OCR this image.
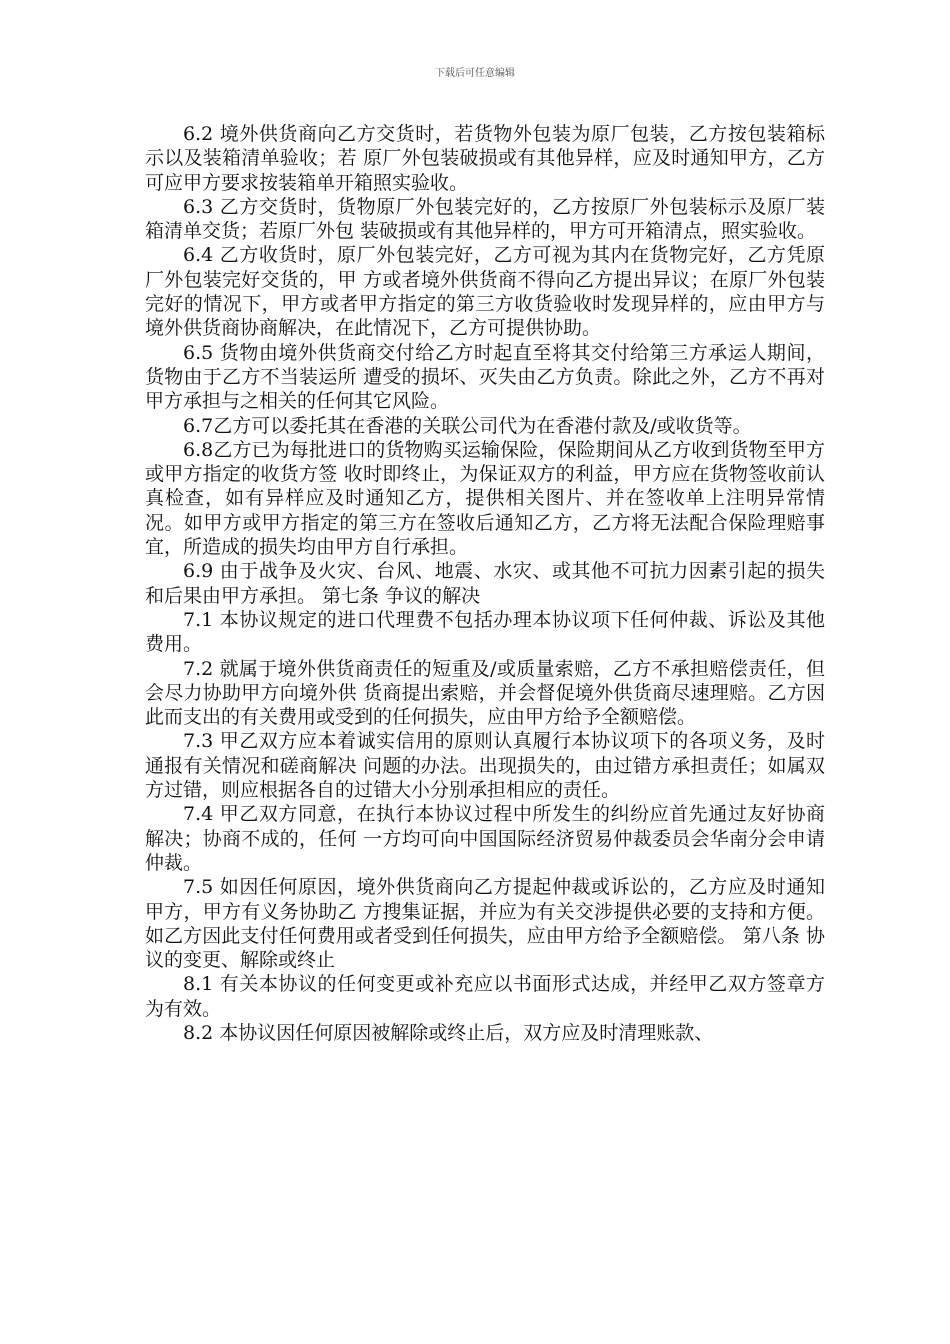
下载后可任意编辑

6.2 境外供货商向乙方交货时，若货物外包装为原厂包装，乙方按包装箱标示以及装箱清单验收；若 原厂外包装破损或有其他异样，应及时通知甲方，乙方可应甲方要求按装箱单开箱照实验收。

6.3 乙方交货时，货物原厂外包装完好的，乙方按原厂外包装标示及原厂装箱清单交货；若原厂外包 装破损或有其他异样的，甲方可开箱清点，照实验收。

6.4 乙方收货时，原厂外包装完好，乙方可视为其内在货物完好，乙方凭原厂外包装完好交货的，甲 方或者境外供货商不得向乙方提出异议；在原厂外包装完好的情况下，甲方或者甲方指定的第三方收货验收时发现异样的，应由甲方与境外供货商协商解决，在此情况下，乙方可提供协助。

6.5 货物由境外供货商交付给乙方时起直至将其交付给第三方承运人期间，货物由于乙方不当装运所 遭受的损坏、灭失由乙方负责。除此之外，乙方不再对甲方承担与之相关的任何其它风险。

6.7乙方可以委托其在香港的关联公司代为在香港付款及/或收货等。

6.8乙方已为每批进口的货物购买运输保险，保险期间从乙方收到货物至甲方或甲方指定的收货方签 收时即终止，为保证双方的利益，甲方应在货物签收前认真检查，如有异样应及时通知乙方，提供相关图片、并在签收单上注明异常情况。如甲方或甲方指定的第三方在签收后通知乙方，乙方将无法配合保险理赔事宜，所造成的损失均由甲方自行承担。

6.9 由于战争及火灾、台风、地震、水灾、或其他不可抗力因素引起的损失和后果由甲方承担。 第七条 争议的解决

7.1 本协议规定的进口代理费不包括办理本协议项下任何仲裁、诉讼及其他费用。

7.2 就属于境外供货商责任的短重及/或质量索赔，乙方不承担赔偿责任，但会尽力协助甲方向境外供 货商提出索赔，并会督促境外供货商尽速理赔。乙方因此而支出的有关费用或受到的任何损失，应由甲方给予全额赔偿。

7.3 甲乙双方应本着诚实信用的原则认真履行本协议项下的各项义务，及时通报有关情况和磋商解决 问题的办法。出现损失的，由过错方承担责任；如属双方过错，则应根据各自的过错大小分别承担相应的责任。

7.4 甲乙双方同意，在执行本协议过程中所发生的纠纷应首先通过友好协商解决；协商不成的，任何 一方均可向中国国际经济贸易仲裁委员会华南分会申请仲裁。

7.5 如因任何原因，境外供货商向乙方提起仲裁或诉讼的，乙方应及时通知甲方，甲方有义务协助乙 方搜集证据，并应为有关交涉提供必要的支持和方便。如乙方因此支付任何费用或者受到任何损失，应由甲方给予全额赔偿。 第八条 协议的变更、解除或终止

8.1 有关本协议的任何变更或补充应以书面形式达成，并经甲乙双方签章方为有效。

8.2 本协议因任何原因被解除或终止后，双方应及时清理账款、
